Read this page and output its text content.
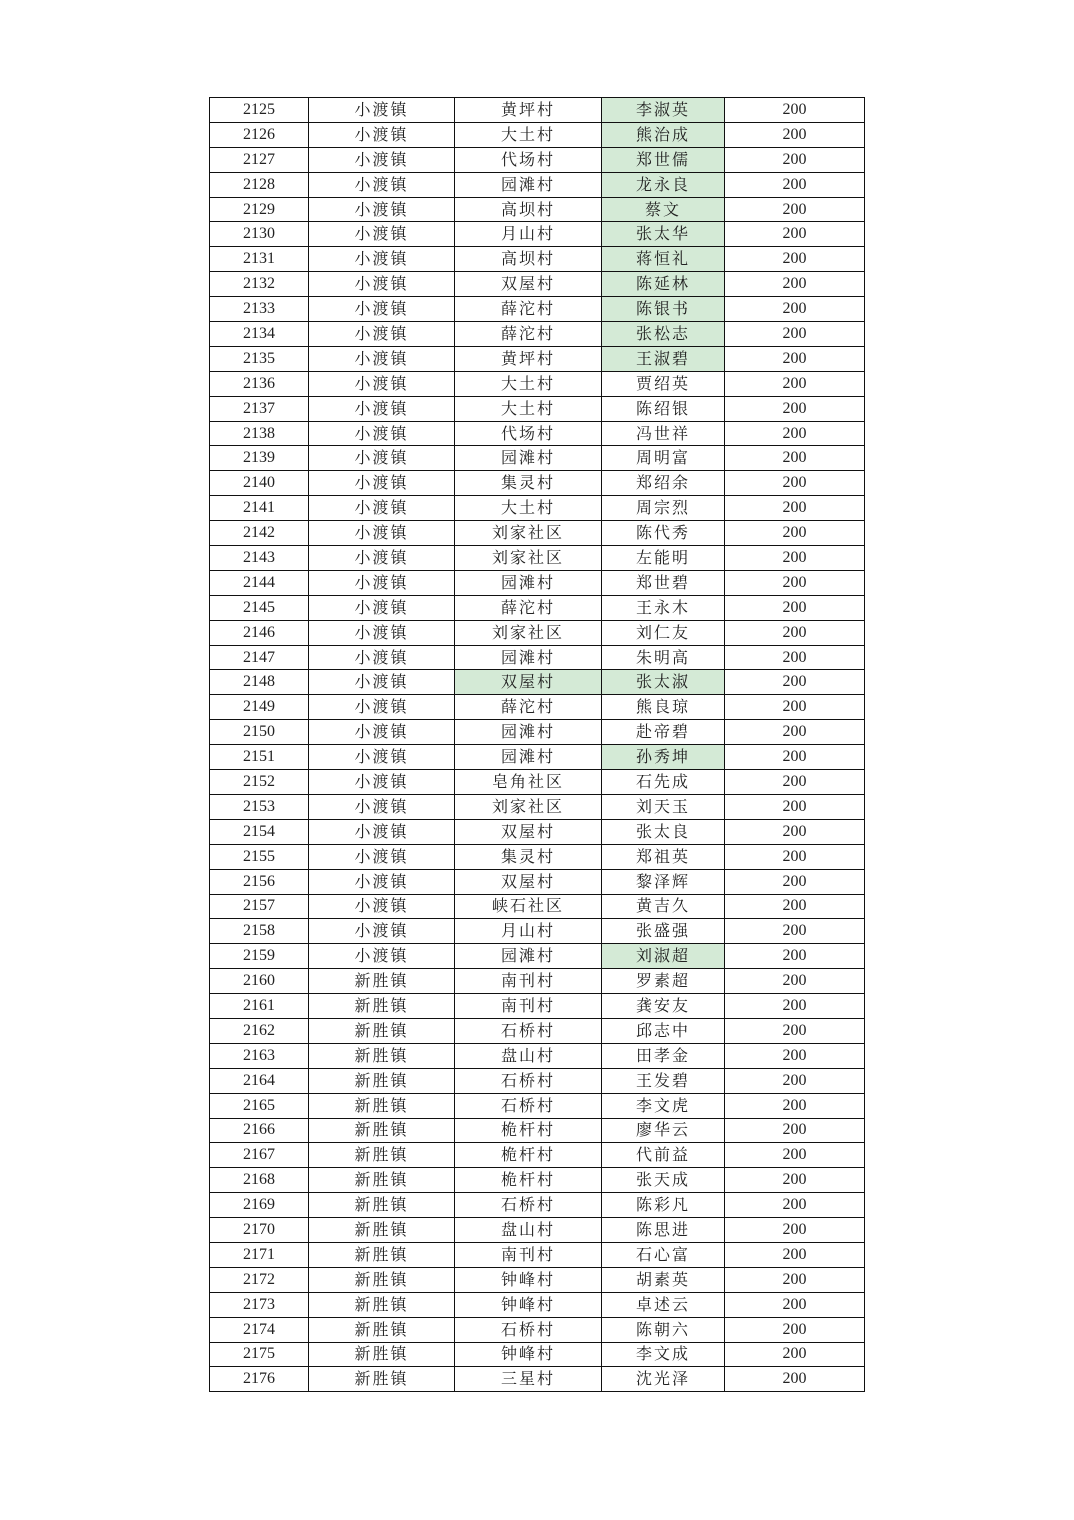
2125	小渡镇	黄坪村	李淑英	200
2126	小渡镇	大土村	熊治成	200
2127	小渡镇	代场村	郑世儒	200
2128	小渡镇	园滩村	龙永良	200
2129	小渡镇	高坝村	蔡文	200
2130	小渡镇	月山村	张太华	200
2131	小渡镇	高坝村	蒋恒礼	200
2132	小渡镇	双屋村	陈延林	200
2133	小渡镇	薛沱村	陈银书	200
2134	小渡镇	薛沱村	张松志	200
2135	小渡镇	黄坪村	王淑碧	200
2136	小渡镇	大土村	贾绍英	200
2137	小渡镇	大土村	陈绍银	200
2138	小渡镇	代场村	冯世祥	200
2139	小渡镇	园滩村	周明富	200
2140	小渡镇	集灵村	郑绍余	200
2141	小渡镇	大土村	周宗烈	200
2142	小渡镇	刘家社区	陈代秀	200
2143	小渡镇	刘家社区	左能明	200
2144	小渡镇	园滩村	郑世碧	200
2145	小渡镇	薛沱村	王永木	200
2146	小渡镇	刘家社区	刘仁友	200
2147	小渡镇	园滩村	朱明高	200
2148	小渡镇	双屋村	张太淑	200
2149	小渡镇	薛沱村	熊良琼	200
2150	小渡镇	园滩村	赴帝碧	200
2151	小渡镇	园滩村	孙秀坤	200
2152	小渡镇	皂角社区	石先成	200
2153	小渡镇	刘家社区	刘天玉	200
2154	小渡镇	双屋村	张太良	200
2155	小渡镇	集灵村	郑祖英	200
2156	小渡镇	双屋村	黎泽辉	200
2157	小渡镇	峡石社区	黄吉久	200
2158	小渡镇	月山村	张盛强	200
2159	小渡镇	园滩村	刘淑超	200
2160	新胜镇	南刊村	罗素超	200
2161	新胜镇	南刊村	龚安友	200
2162	新胜镇	石桥村	邱志中	200
2163	新胜镇	盘山村	田孝金	200
2164	新胜镇	石桥村	王发碧	200
2165	新胜镇	石桥村	李文虎	200
2166	新胜镇	桅杆村	廖华云	200
2167	新胜镇	桅杆村	代前益	200
2168	新胜镇	桅杆村	张天成	200
2169	新胜镇	石桥村	陈彩凡	200
2170	新胜镇	盘山村	陈思进	200
2171	新胜镇	南刊村	石心富	200
2172	新胜镇	钟峰村	胡素英	200
2173	新胜镇	钟峰村	卓述云	200
2174	新胜镇	石桥村	陈朝六	200
2175	新胜镇	钟峰村	李文成	200
2176	新胜镇	三星村	沈光泽	200
